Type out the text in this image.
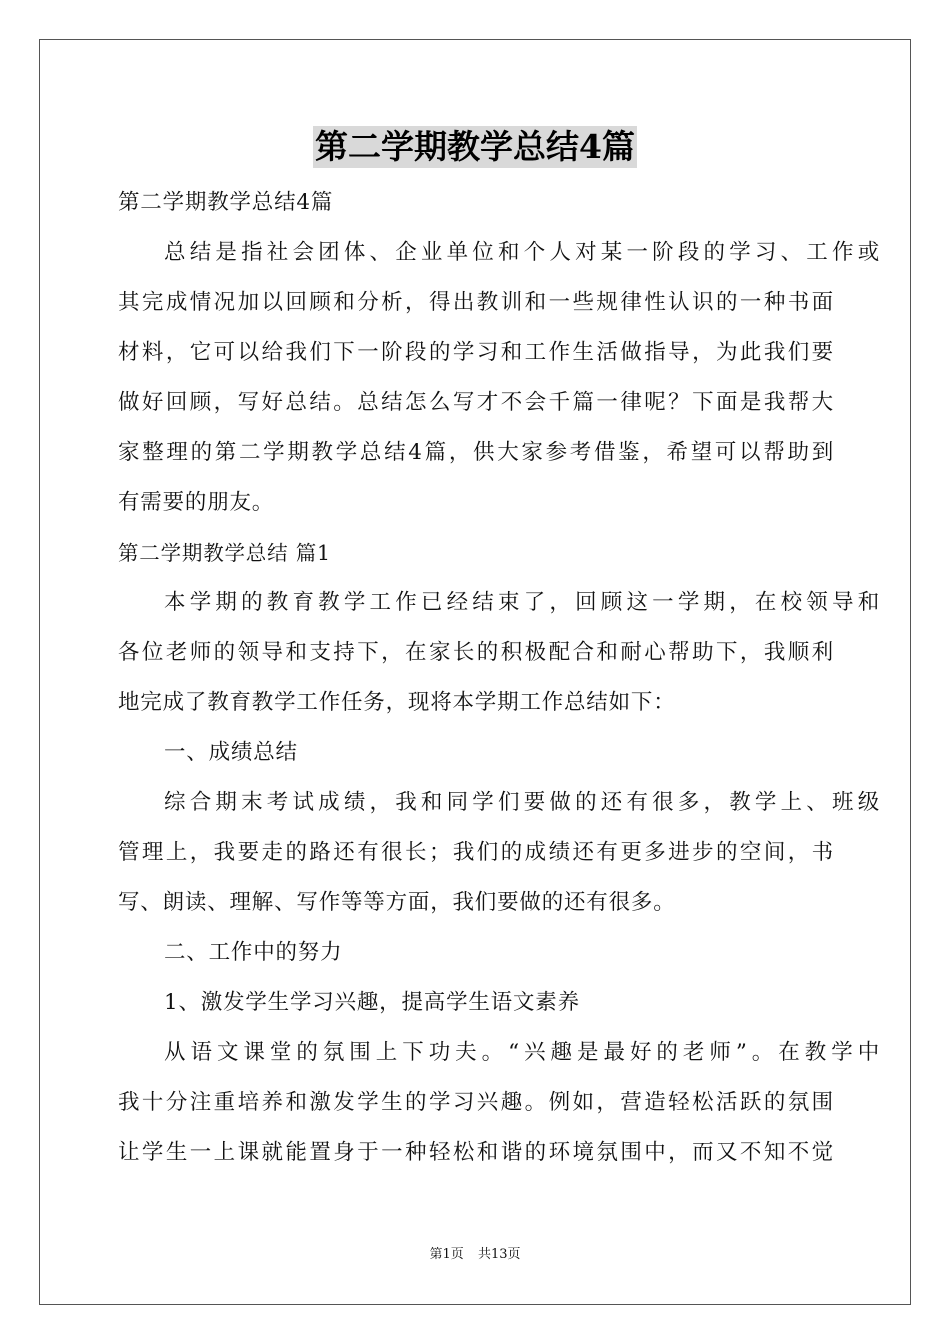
第二学期教学总结4篇
第二学期教学总结4篇
总结是指社会团体、企业单位和个人对某一阶段的学习、工作或
其完成情况加以回顾和分析，得出教训和一些规律性认识的一种书面
材料，它可以给我们下一阶段的学习和工作生活做指导，为此我们要
做好回顾，写好总结。总结怎么写才不会千篇一律呢？下面是我帮大
家整理的第二学期教学总结4篇，供大家参考借鉴，希望可以帮助到
有需要的朋友。
第二学期教学总结 篇1
本学期的教育教学工作已经结束了，回顾这一学期，在校领导和
各位老师的领导和支持下，在家长的积极配合和耐心帮助下，我顺利
地完成了教育教学工作任务，现将本学期工作总结如下：
一、成绩总结
综合期末考试成绩，我和同学们要做的还有很多，教学上、班级
管理上，我要走的路还有很长；我们的成绩还有更多进步的空间，书
写、朗读、理解、写作等等方面，我们要做的还有很多。
二、工作中的努力
1、激发学生学习兴趣，提高学生语文素养
从语文课堂的氛围上下功夫。“兴趣是最好的老师”。在教学中
我十分注重培养和激发学生的学习兴趣。例如，营造轻松活跃的氛围
让学生一上课就能置身于一种轻松和谐的环境氛围中，而又不知不觉
第1页 共13页
